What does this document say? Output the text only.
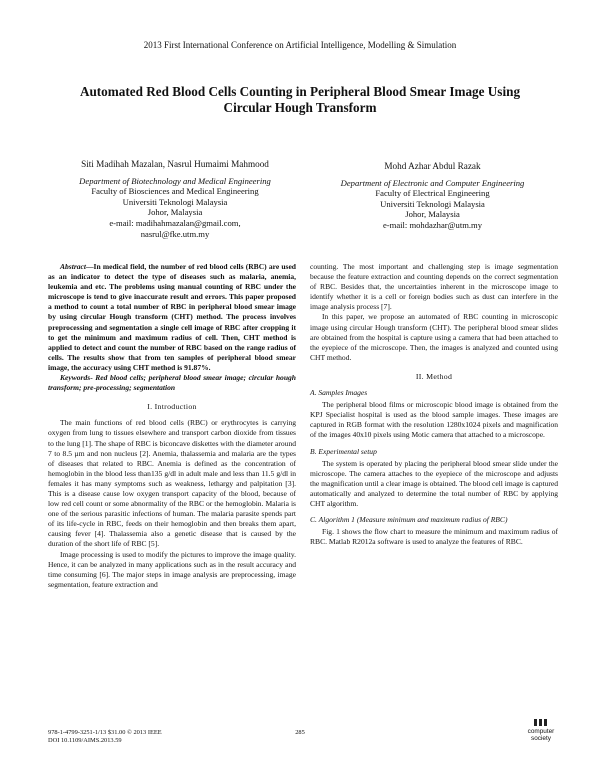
2013 First International Conference on Artificial Intelligence, Modelling & Simulation
Automated Red Blood Cells Counting in Peripheral Blood Smear Image Using Circular Hough Transform
Siti Madihah Mazalan, Nasrul Humaimi Mahmood
Department of Biotechnology and Medical Engineering
Faculty of Biosciences and Medical Engineering
Universiti Teknologi Malaysia
Johor, Malaysia
e-mail: madihahmazalan@gmail.com,
nasrul@fke.utm.my
Mohd Azhar Abdul Razak
Department of Electronic and Computer Engineering
Faculty of Electrical Engineering
Universiti Teknologi Malaysia
Johor, Malaysia
e-mail: mohdazhar@utm.my

Abstract—In medical field, the number of red blood cells (RBC) are used as an indicator to detect the type of diseases such as malaria, anemia, leukemia and etc. The problems using manual counting of RBC under the microscope is tend to give inaccurate result and errors. This paper proposed a method to count a total number of RBC in peripheral blood smear image by using circular Hough transform (CHT) method. The process involves preprocessing and segmentation a single cell image of RBC after cropping it to get the minimum and maximum radius of cell. Then, CHT method is applied to detect and count the number of RBC based on the range radius of cells. The results show that from ten samples of peripheral blood smear image, the accuracy using CHT method is 91.87%.

Keywords- Red blood cells; peripheral blood smear image; circular hough transform; pre-processing; segmentation

I. Introduction

The main functions of red blood cells (RBC) or erythrocytes is carrying oxygen from lung to tissues elsewhere and transport carbon dioxide from tissues to the lung [1]. The shape of RBC is biconcave diskettes with the diameter around 7 to 8.5 µm and non nucleus [2]. Anemia, thalassemia and malaria are the types of diseases that related to RBC. Anemia is defined as the concentration of hemoglobin in the blood less than135 g/dl in adult male and less than 11.5 g/dl in females it has many symptoms such as weakness, lethargy and palpitation [3]. This is a disease cause low oxygen transport capacity of the blood, because of low red cell count or some abnormality of the RBC or the hemoglobin. Malaria is one of the serious parasitic infections of human. The malaria parasite spends part of its life-cycle in RBC, feeds on their hemoglobin and then breaks them apart, causing fever [4]. Thalassemia also a genetic disease that is caused by the duration of the short life of RBC [5].

Image processing is used to modify the pictures to improve the image quality. Hence, it can be analyzed in many applications such as in the result accuracy and time consuming [6]. The major steps in image analysis are preprocessing, image segmentation, feature extraction and

counting. The most important and challenging step is image segmentation because the feature extraction and counting depends on the correct segmentation of RBC. Besides that, the uncertainties inherent in the microscope image to identify whether it is a cell or foreign bodies such as dust can interfere in the image analysis process [7].

In this paper, we propose an automated of RBC counting in microscopic image using circular Hough transform (CHT). The peripheral blood smear slides are obtained from the hospital is capture using a camera that had been attached to the eyepiece of the microscope. Then, the images is analyzed and counted using CHT method.

II. Method
A. Samples Images

The peripheral blood films or microscopic blood image is obtained from the KPJ Specialist hospital is used as the blood sample images. These images are captured in RGB format with the resolution 1280x1024 pixels and magnification of the images 40x10 pixels using Motic camera that attached to a microscope.

B. Experimental setup

The system is operated by placing the peripheral blood smear slide under the microscope. The camera attaches to the eyepiece of the microscope and adjusts the magnification until a clear image is obtained. The blood cell image is captured automatically and analyzed to determine the total number of RBC by applying CHT algorithm.

C. Algorithm 1 (Measure minimum and maximum radius of RBC)

Fig. 1 shows the flow chart to measure the minimum and maximum radius of RBC. Matlab R2012a software is used to analyze the features of RBC.

978-1-4799-3251-1/13 $31.00 © 2013 IEEE
DOI 10.1109/AIMS.2013.59
285	computer
society
